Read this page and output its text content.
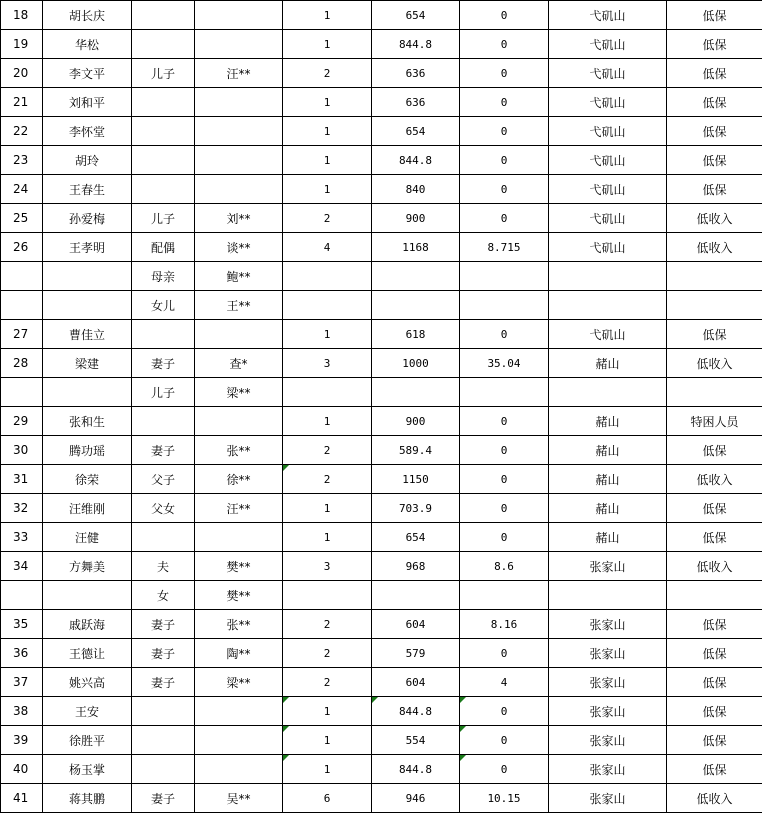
18	胡长庆			1	654	0	弋矶山	低保
19	华松			1	844.8	0	弋矶山	低保
20	李文平	儿子	汪**	2	636	0	弋矶山	低保
21	刘和平			1	636	0	弋矶山	低保
22	李怀堂			1	654	0	弋矶山	低保
23	胡玲			1	844.8	0	弋矶山	低保
24	王春生			1	840	0	弋矶山	低保
25	孙爱梅	儿子	刘**	2	900	0	弋矶山	低收入
26	王孝明	配偶	谈**	4	1168	8.715	弋矶山	低收入
		母亲	鲍**					
		女儿	王**					
27	曹佳立			1	618	0	弋矶山	低保
28	梁建	妻子	查*	3	1000	35.04	赭山	低收入
		儿子	梁**					
29	张和生			1	900	0	赭山	特困人员
30	腾功瑶	妻子	张**	2	589.4	0	赭山	低保
31	徐荣	父子	徐**	2	1150	0	赭山	低收入
32	汪维刚	父女	汪**	1	703.9	0	赭山	低保
33	汪健			1	654	0	赭山	低保
34	方舞美	夫	樊**	3	968	8.6	张家山	低收入
		女	樊**					
35	戚跃海	妻子	张**	2	604	8.16	张家山	低保
36	王德让	妻子	陶**	2	579	0	张家山	低保
37	姚兴高	妻子	梁**	2	604	4	张家山	低保
38	王安			1	844.8	0	张家山	低保
39	徐胜平			1	554	0	张家山	低保
40	杨玉掌			1	844.8	0	张家山	低保
41	蒋其鹏	妻子	吴**	6	946	10.15	张家山	低收入
